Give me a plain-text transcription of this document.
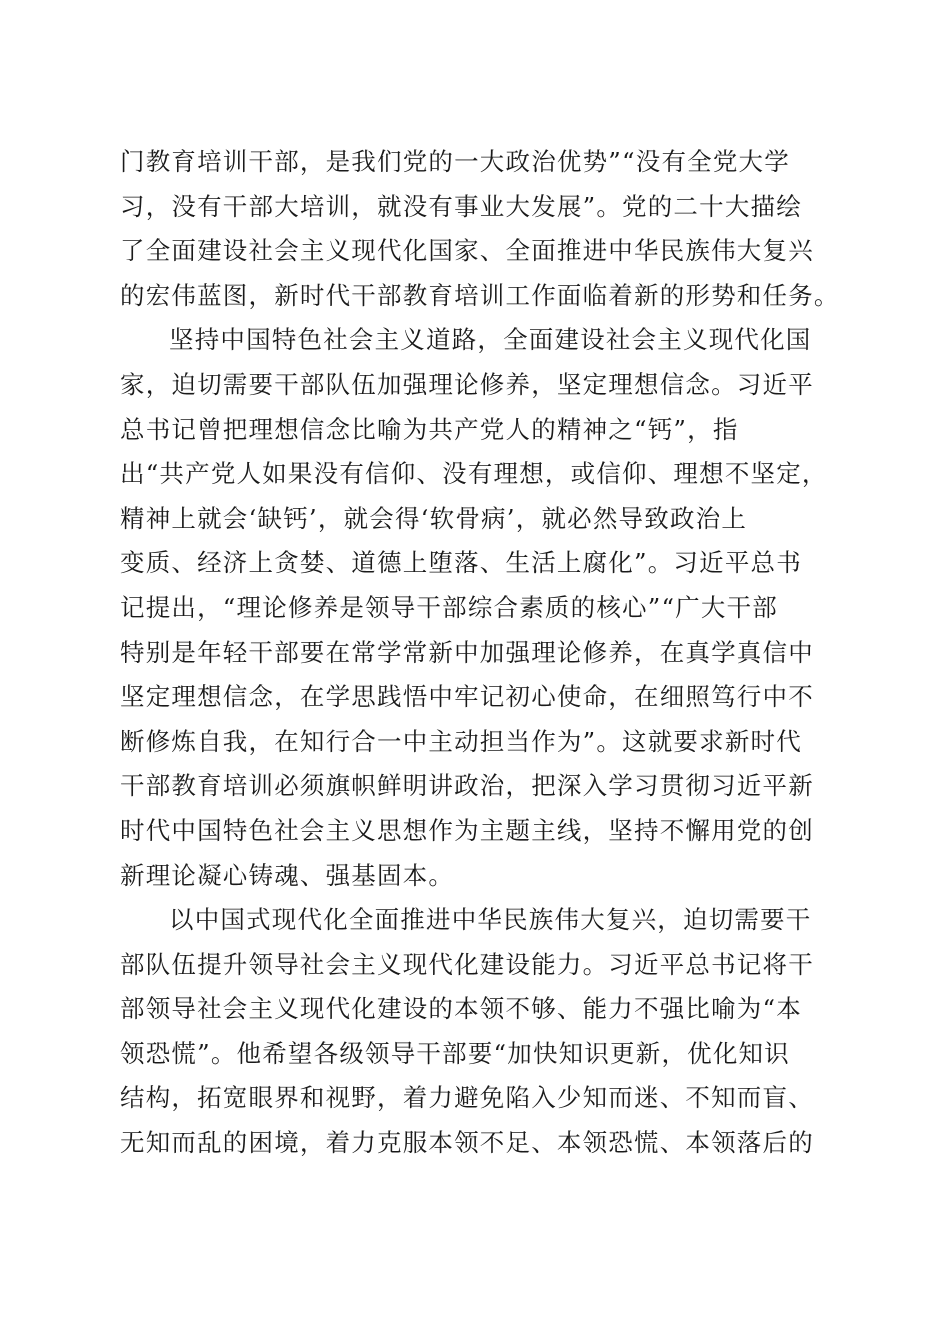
门教育培训干部，是我们党的一大政治优势”“没有全党大学
习，没有干部大培训，就没有事业大发展”。党的二十大描绘
了全面建设社会主义现代化国家、全面推进中华民族伟大复兴
的宏伟蓝图，新时代干部教育培训工作面临着新的形势和任务。
坚持中国特色社会主义道路，全面建设社会主义现代化国
家，迫切需要干部队伍加强理论修养，坚定理想信念。习近平
总书记曾把理想信念比喻为共产党人的精神之“钙”，指
出“共产党人如果没有信仰、没有理想，或信仰、理想不坚定，
精神上就会‘缺钙’，就会得‘软骨病’，就必然导致政治上
变质、经济上贪婪、道德上堕落、生活上腐化”。习近平总书
记提出，“理论修养是领导干部综合素质的核心”“广大干部
特别是年轻干部要在常学常新中加强理论修养，在真学真信中
坚定理想信念，在学思践悟中牢记初心使命，在细照笃行中不
断修炼自我，在知行合一中主动担当作为”。这就要求新时代
干部教育培训必须旗帜鲜明讲政治，把深入学习贯彻习近平新
时代中国特色社会主义思想作为主题主线，坚持不懈用党的创
新理论凝心铸魂、强基固本。
以中国式现代化全面推进中华民族伟大复兴，迫切需要干
部队伍提升领导社会主义现代化建设能力。习近平总书记将干
部领导社会主义现代化建设的本领不够、能力不强比喻为“本
领恐慌”。他希望各级领导干部要“加快知识更新，优化知识
结构，拓宽眼界和视野，着力避免陷入少知而迷、不知而盲、
无知而乱的困境，着力克服本领不足、本领恐慌、本领落后的
